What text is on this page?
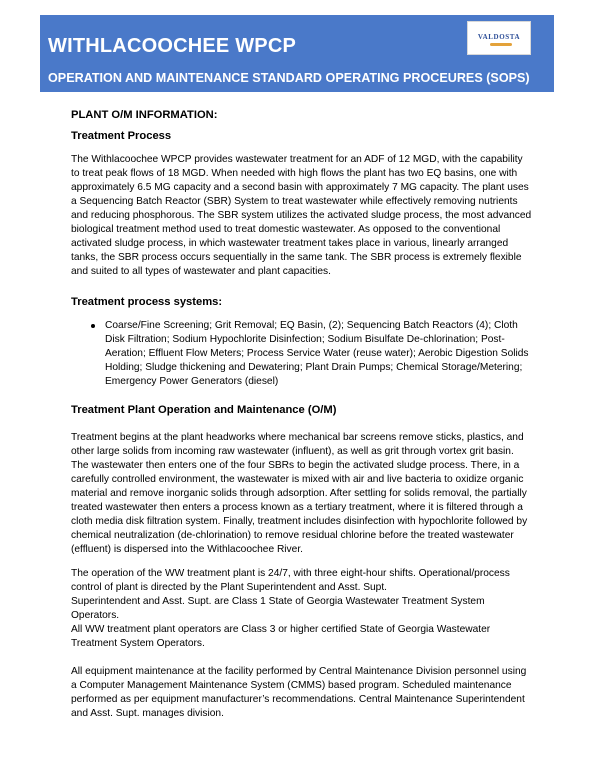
WITHLACOOCHEE WPCP
OPERATION AND MAINTENANCE STANDARD OPERATING PROCEURES (SOPS)
VALDOSTA
PLANT O/M INFORMATION:
Treatment Process

The Withlacoochee WPCP provides wastewater treatment for an ADF of 12 MGD, with the capability to treat peak flows of 18 MGD. When needed with high flows the plant has two EQ basins, one with approximately 6.5 MG capacity and a second basin with approximately 7 MG capacity. The plant uses a Sequencing Batch Reactor (SBR) System to treat wastewater while effectively removing nutrients and reducing phosphorous. The SBR system utilizes the activated sludge process, the most advanced biological treatment method used to treat domestic wastewater. As opposed to the conventional activated sludge process, in which wastewater treatment takes place in various, linearly arranged tanks, the SBR process occurs sequentially in the same tank. The SBR process is extremely flexible and suited to all types of wastewater and plant capacities.

Treatment process systems:
Coarse/Fine Screening; Grit Removal; EQ Basin, (2); Sequencing Batch Reactors (4); Cloth Disk Filtration; Sodium Hypochlorite Disinfection; Sodium Bisulfate De-chlorination; Post-Aeration; Effluent Flow Meters; Process Service Water (reuse water); Aerobic Digestion Solids Holding; Sludge thickening and Dewatering; Plant Drain Pumps; Chemical Storage/Metering; Emergency Power Generators (diesel)
Treatment Plant Operation and Maintenance (O/M)

Treatment begins at the plant headworks where mechanical bar screens remove sticks, plastics, and other large solids from incoming raw wastewater (influent), as well as grit through vortex grit basin. The wastewater then enters one of the four SBRs to begin the activated sludge process. There, in a carefully controlled environment, the wastewater is mixed with air and live bacteria to oxidize organic material and remove inorganic solids through adsorption. After settling for solids removal, the partially treated wastewater then enters a process known as a tertiary treatment, where it is filtered through a cloth media disk filtration system. Finally, treatment includes disinfection with hypochlorite followed by chemical neutralization (de-chlorination) to remove residual chlorine before the treated wastewater (effluent) is dispersed into the Withlacoochee River.

The operation of the WW treatment plant is 24/7, with three eight-hour shifts. Operational/process control of plant is directed by the Plant Superintendent and Asst. Supt.

Superintendent and Asst. Supt. are Class 1 State of Georgia Wastewater Treatment System Operators.

All WW treatment plant operators are Class 3 or higher certified State of Georgia Wastewater Treatment System Operators.

All equipment maintenance at the facility performed by Central Maintenance Division personnel using a Computer Management Maintenance System (CMMS) based program. Scheduled maintenance performed as per equipment manufacturer’s recommendations. Central Maintenance Superintendent and Asst. Supt. manages division.
